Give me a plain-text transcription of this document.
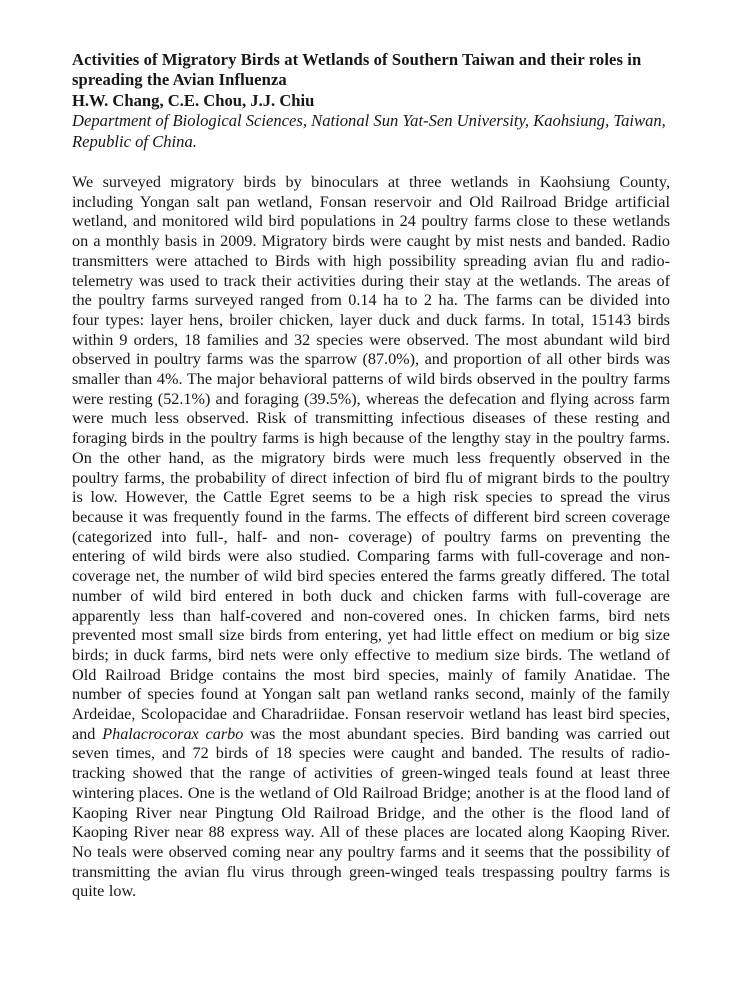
Activities of Migratory Birds at Wetlands of Southern Taiwan and their roles in spreading the Avian Influenza

H.W. Chang, C.E. Chou, J.J. Chiu

Department of Biological Sciences, National Sun Yat-Sen University, Kaohsiung, Taiwan, Republic of China.

We surveyed migratory birds by binoculars at three wetlands in Kaohsiung County, including Yongan salt pan wetland, Fonsan reservoir and Old Railroad Bridge artificial wetland, and monitored wild bird populations in 24 poultry farms close to these wetlands on a monthly basis in 2009. Migratory birds were caught by mist nests and banded. Radio transmitters were attached to Birds with high possibility spreading avian flu and radio-telemetry was used to track their activities during their stay at the wetlands. The areas of the poultry farms surveyed ranged from 0.14 ha to 2 ha. The farms can be divided into four types: layer hens, broiler chicken, layer duck and duck farms. In total, 15143 birds within 9 orders, 18 families and 32 species were observed. The most abundant wild bird observed in poultry farms was the sparrow (87.0%), and proportion of all other birds was smaller than 4%. The major behavioral patterns of wild birds observed in the poultry farms were resting (52.1%) and foraging (39.5%), whereas the defecation and flying across farm were much less observed. Risk of transmitting infectious diseases of these resting and foraging birds in the poultry farms is high because of the lengthy stay in the poultry farms. On the other hand, as the migratory birds were much less frequently observed in the poultry farms, the probability of direct infection of bird flu of migrant birds to the poultry is low. However, the Cattle Egret seems to be a high risk species to spread the virus because it was frequently found in the farms. The effects of different bird screen coverage (categorized into full-, half- and non- coverage) of poultry farms on preventing the entering of wild birds were also studied. Comparing farms with full-coverage and non-coverage net, the number of wild bird species entered the farms greatly differed. The total number of wild bird entered in both duck and chicken farms with full-coverage are apparently less than half-covered and non-covered ones. In chicken farms, bird nets prevented most small size birds from entering, yet had little effect on medium or big size birds; in duck farms, bird nets were only effective to medium size birds. The wetland of Old Railroad Bridge contains the most bird species, mainly of family Anatidae. The number of species found at Yongan salt pan wetland ranks second, mainly of the family Ardeidae, Scolopacidae and Charadriidae. Fonsan reservoir wetland has least bird species, and Phalacrocorax carbo was the most abundant species. Bird banding was carried out seven times, and 72 birds of 18 species were caught and banded. The results of radio-tracking showed that the range of activities of green-winged teals found at least three wintering places. One is the wetland of Old Railroad Bridge; another is at the flood land of Kaoping River near Pingtung Old Railroad Bridge, and the other is the flood land of Kaoping River near 88 express way. All of these places are located along Kaoping River. No teals were observed coming near any poultry farms and it seems that the possibility of transmitting the avian flu virus through green-winged teals trespassing poultry farms is quite low.
